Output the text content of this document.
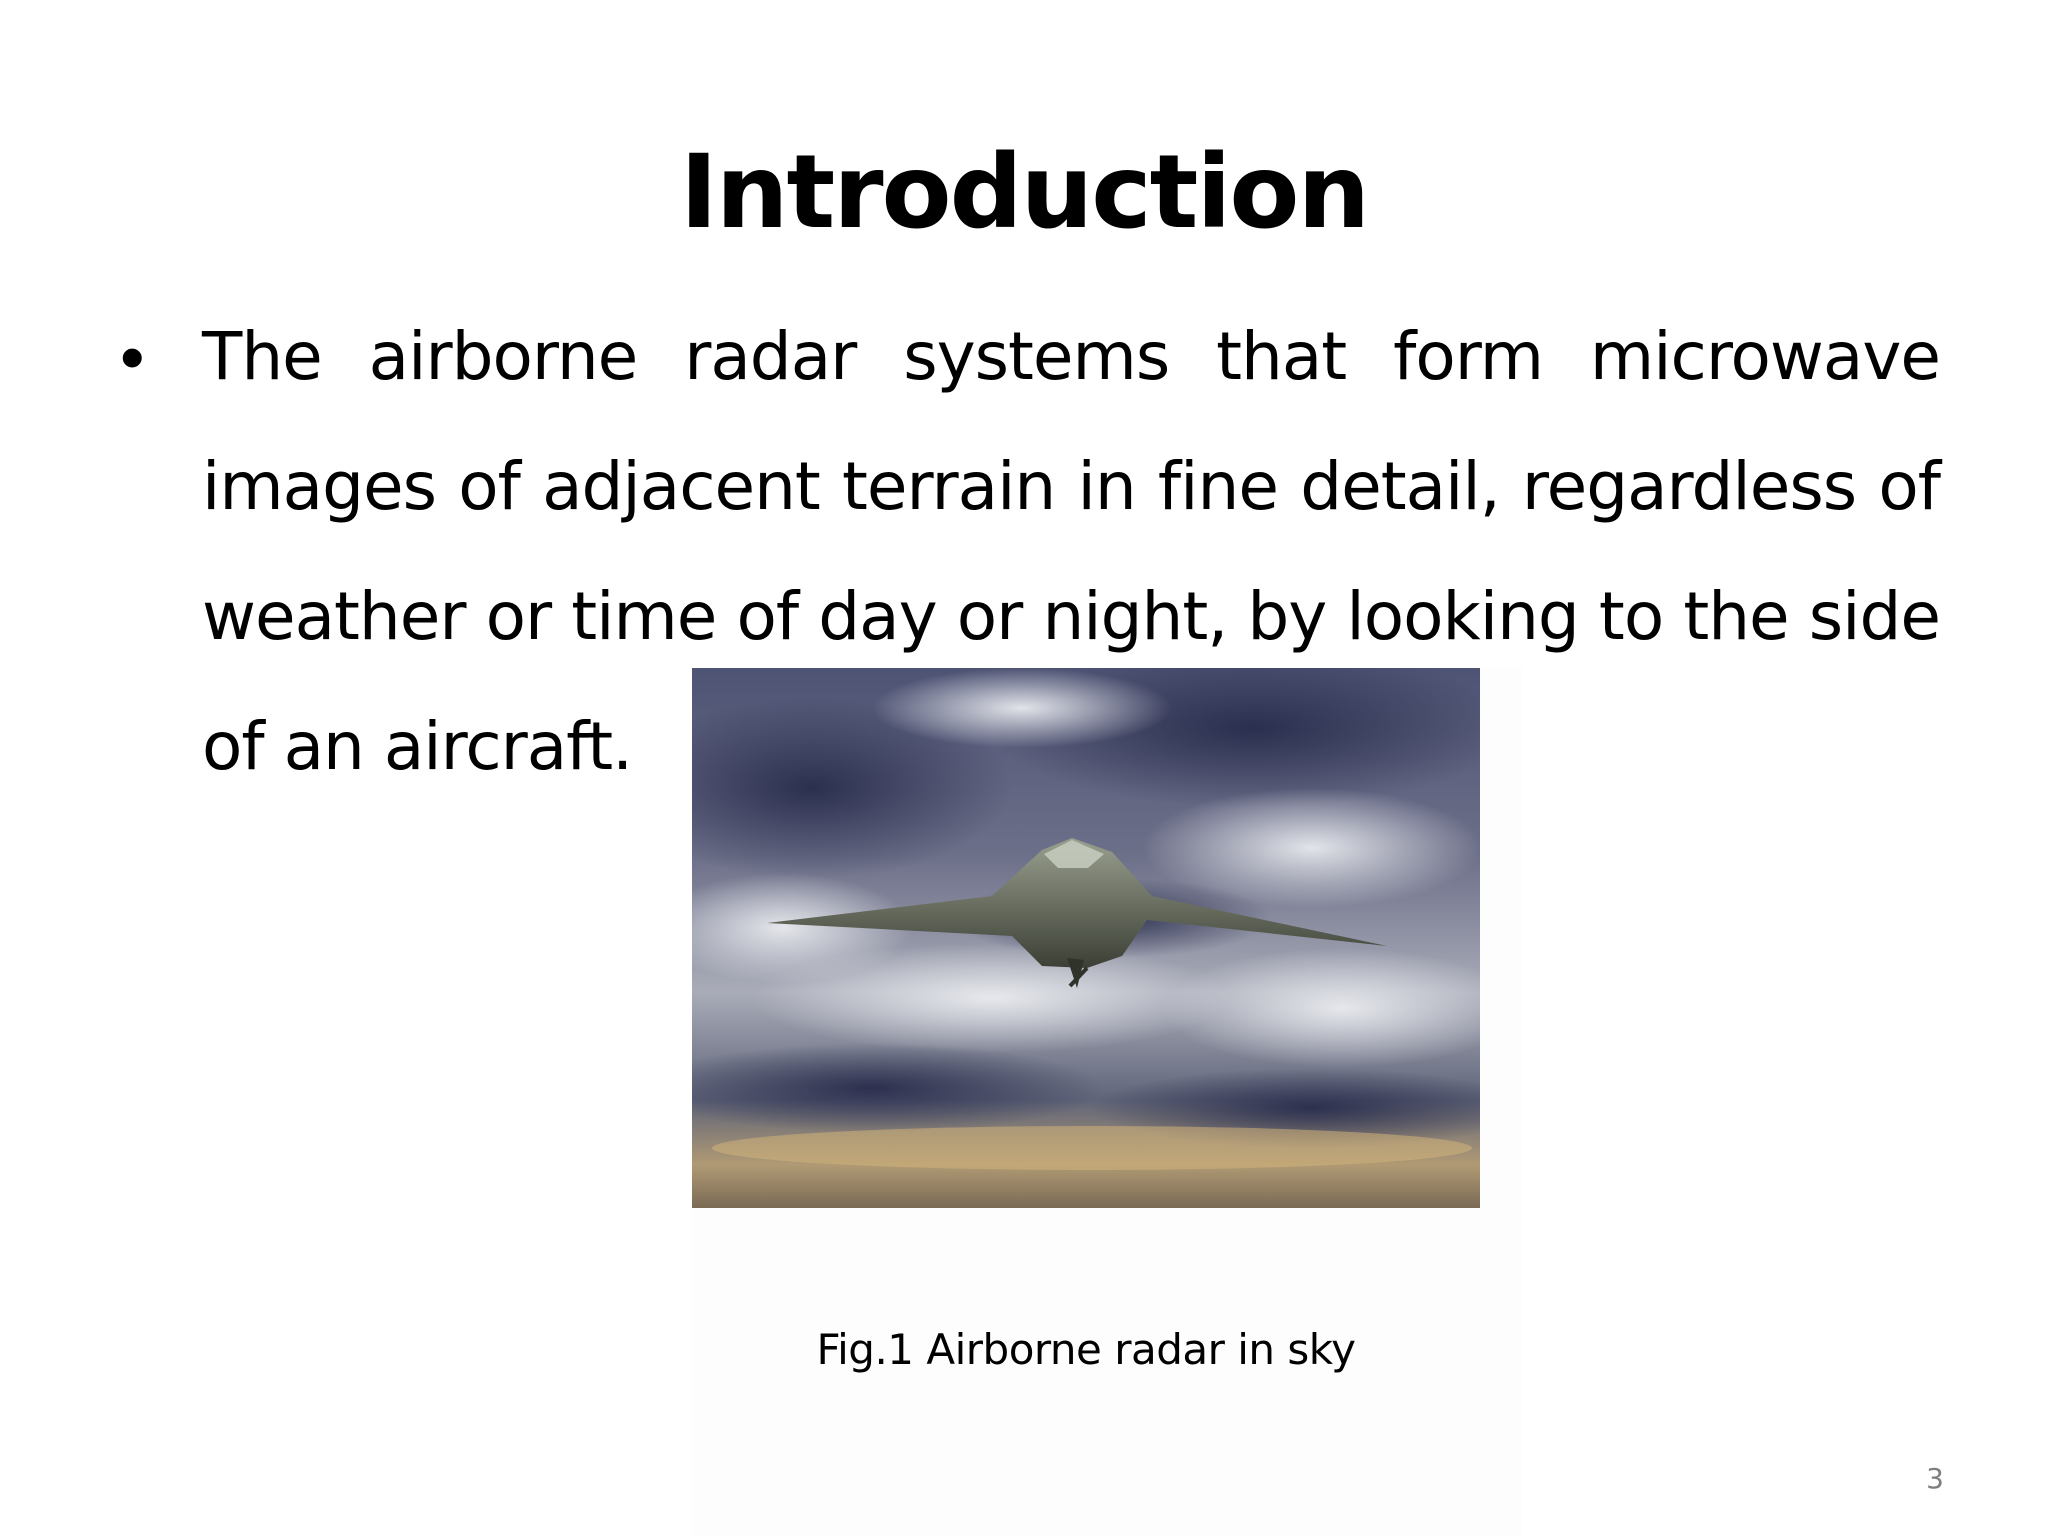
Introduction
• The airborne radar systems that form microwave images of adjacent terrain in fine detail, regardless of weather or time of day or night, by looking to the side of an aircraft.
Fig.1 Airborne radar in sky
3
